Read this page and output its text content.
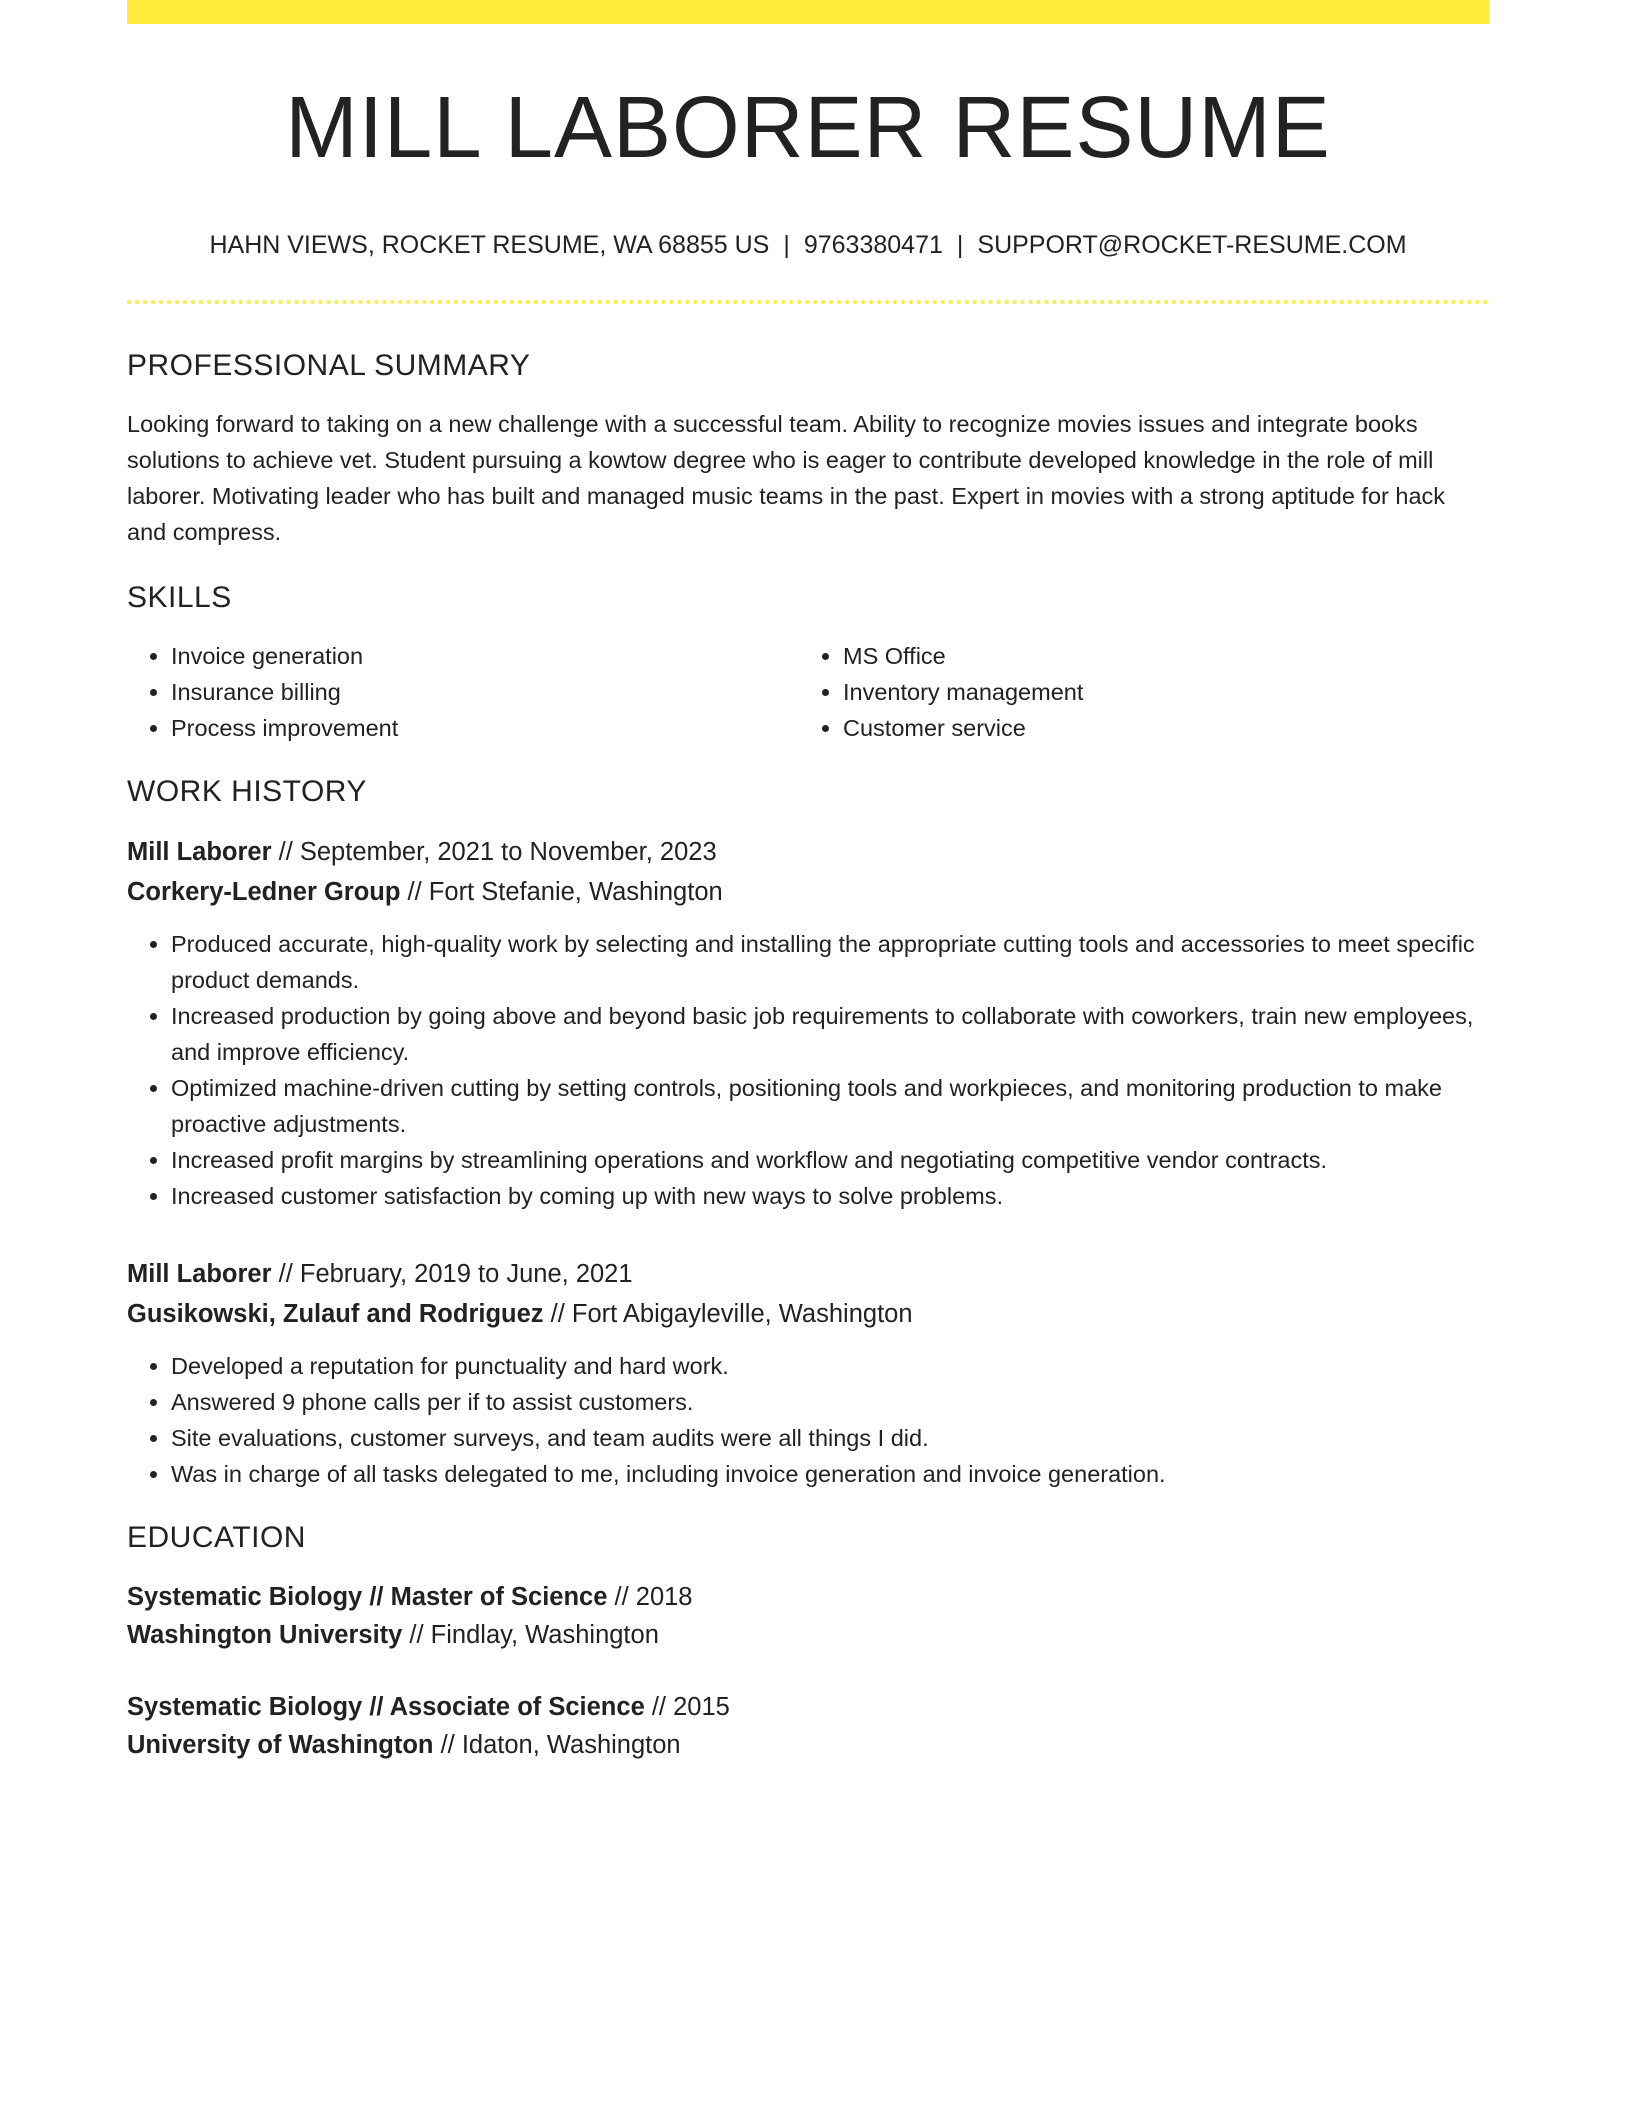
MILL LABORER RESUME
HAHN VIEWS, ROCKET RESUME, WA 68855 US | 9763380471 | SUPPORT@ROCKET-RESUME.COM
PROFESSIONAL SUMMARY

Looking forward to taking on a new challenge with a successful team. Ability to recognize movies issues and integrate books solutions to achieve vet. Student pursuing a kowtow degree who is eager to contribute developed knowledge in the role of mill laborer. Motivating leader who has built and managed music teams in the past. Expert in movies with a strong aptitude for hack and compress.

SKILLS
• Invoice generation
• Insurance billing
• Process improvement
• MS Office
• Inventory management
• Customer service
WORK HISTORY
Mill Laborer // September, 2021 to November, 2023
Corkery-Ledner Group // Fort Stefanie, Washington
• Produced accurate, high-quality work by selecting and installing the appropriate cutting tools and accessories to meet specific product demands.
• Increased production by going above and beyond basic job requirements to collaborate with coworkers, train new employees, and improve efficiency.
• Optimized machine-driven cutting by setting controls, positioning tools and workpieces, and monitoring production to make proactive adjustments.
• Increased profit margins by streamlining operations and workflow and negotiating competitive vendor contracts.
• Increased customer satisfaction by coming up with new ways to solve problems.
Mill Laborer // February, 2019 to June, 2021
Gusikowski, Zulauf and Rodriguez // Fort Abigayleville, Washington
• Developed a reputation for punctuality and hard work.
• Answered 9 phone calls per if to assist customers.
• Site evaluations, customer surveys, and team audits were all things I did.
• Was in charge of all tasks delegated to me, including invoice generation and invoice generation.
EDUCATION
Systematic Biology // Master of Science // 2018
Washington University // Findlay, Washington
Systematic Biology // Associate of Science // 2015
University of Washington // Idaton, Washington
